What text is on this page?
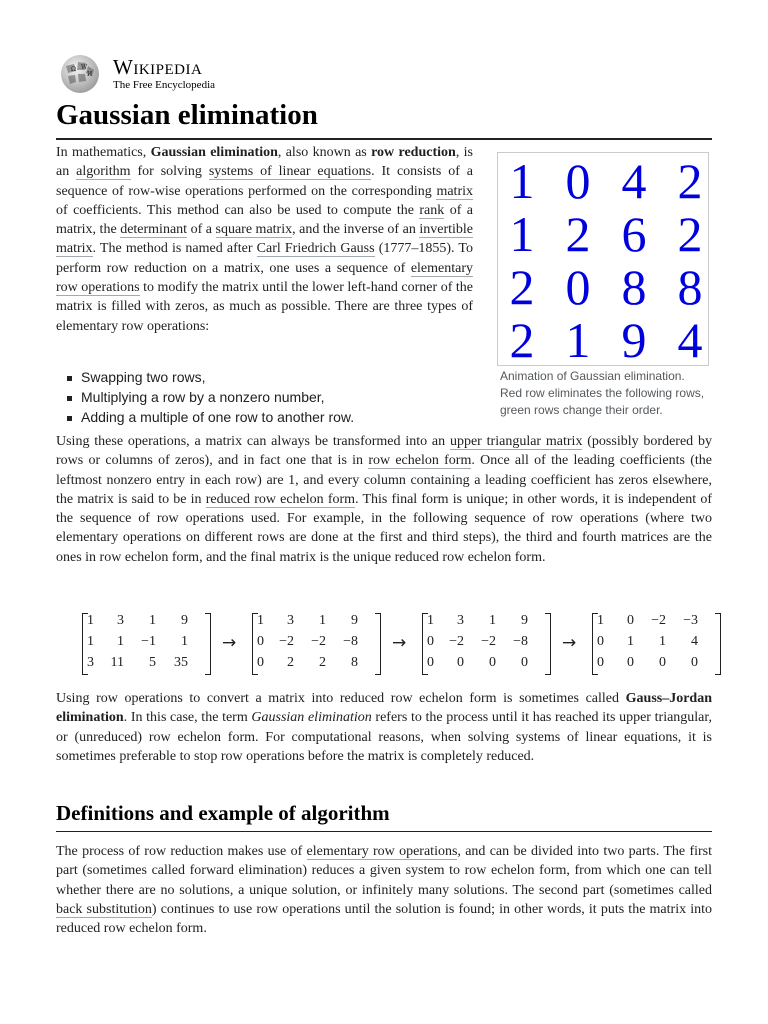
Ω W
И Wikipedia
The Free Encyclopedia
Gaussian elimination

In mathematics, Gaussian elimination, also known as row reduction, is an algorithm for solving systems of linear equations. It consists of a sequence of row-wise operations performed on the corresponding matrix of coefficients. This method can also be used to compute the rank of a matrix, the determinant of a square matrix, and the inverse of an invertible matrix. The method is named after Carl Friedrich Gauss (1777–1855). To perform row reduction on a matrix, one uses a sequence of elementary row operations to modify the matrix until the lower left-hand corner of the matrix is filled with zeros, as much as possible. There are three types of elementary row operations:

1 0 4 2
1 2 6 2
2 0 8 8
2 1 9 4
Animation of Gaussian elimination. Red row eliminates the following rows, green rows change their order.
Swapping two rows,
Multiplying a row by a nonzero number,
Adding a multiple of one row to another row.

Using these operations, a matrix can always be transformed into an upper triangular matrix (possibly bordered by rows or columns of zeros), and in fact one that is in row echelon form. Once all of the leading coefficients (the leftmost nonzero entry in each row) are 1, and every column containing a leading coefficient has zeros elsewhere, the matrix is said to be in reduced row echelon form. This final form is unique; in other words, it is independent of the sequence of row operations used. For example, in the following sequence of row operations (where two elementary operations on different rows are done at the first and third steps), the third and fourth matrices are the ones in row echelon form, and the final matrix is the unique reduced row echelon form.

1	3	1	9
1	1	−1	1
3	11	5	35
→
1	3	1	9
0	−2	−2	−8
0	2	2	8
→
1	3	1	9
0	−2	−2	−8
0	0	0	0
→
1	0	−2	−3
0	1	1	4
0	0	0	0

Using row operations to convert a matrix into reduced row echelon form is sometimes called Gauss–Jordan elimination. In this case, the term Gaussian elimination refers to the process until it has reached its upper triangular, or (unreduced) row echelon form. For computational reasons, when solving systems of linear equations, it is sometimes preferable to stop row operations before the matrix is completely reduced.

Definitions and example of algorithm

The process of row reduction makes use of elementary row operations, and can be divided into two parts. The first part (sometimes called forward elimination) reduces a given system to row echelon form, from which one can tell whether there are no solutions, a unique solution, or infinitely many solutions. The second part (sometimes called back substitution) continues to use row operations until the solution is found; in other words, it puts the matrix into reduced row echelon form.
